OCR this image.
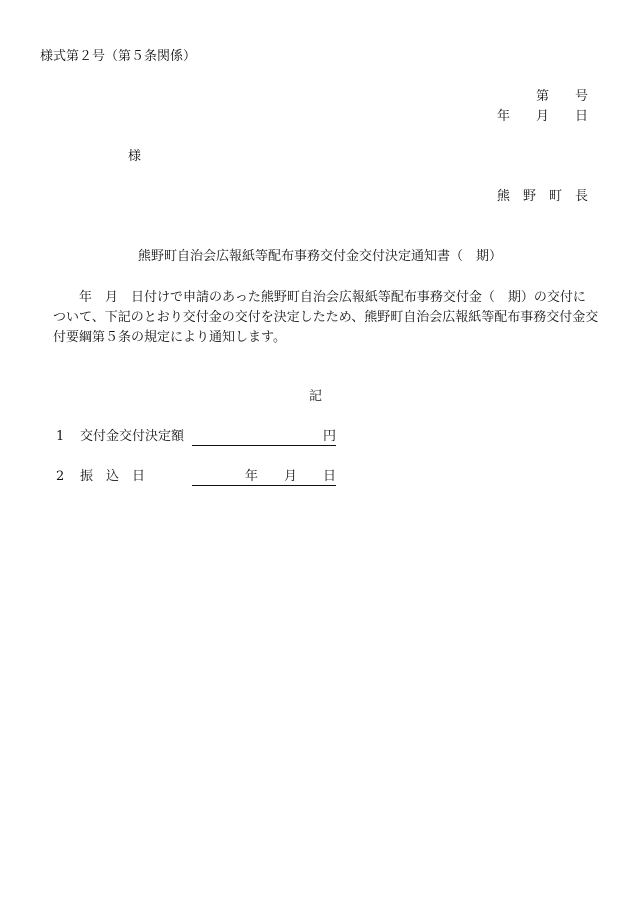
様式第２号（第５条関係）
第　　号
年　　月　　日
様
熊　野　町　長
熊野町自治会広報紙等配布事務交付金交付決定通知書（　期）
　　年　月　日付けで申請のあった熊野町自治会広報紙等配布事務交付金（　期）の交付に
ついて、下記のとおり交付金の交付を決定したため、熊野町自治会広報紙等配布事務交付金交
付要綱第５条の規定により通知します。
記
1 交付金交付決定額	円
2 振　込　日	年　　月　　日
